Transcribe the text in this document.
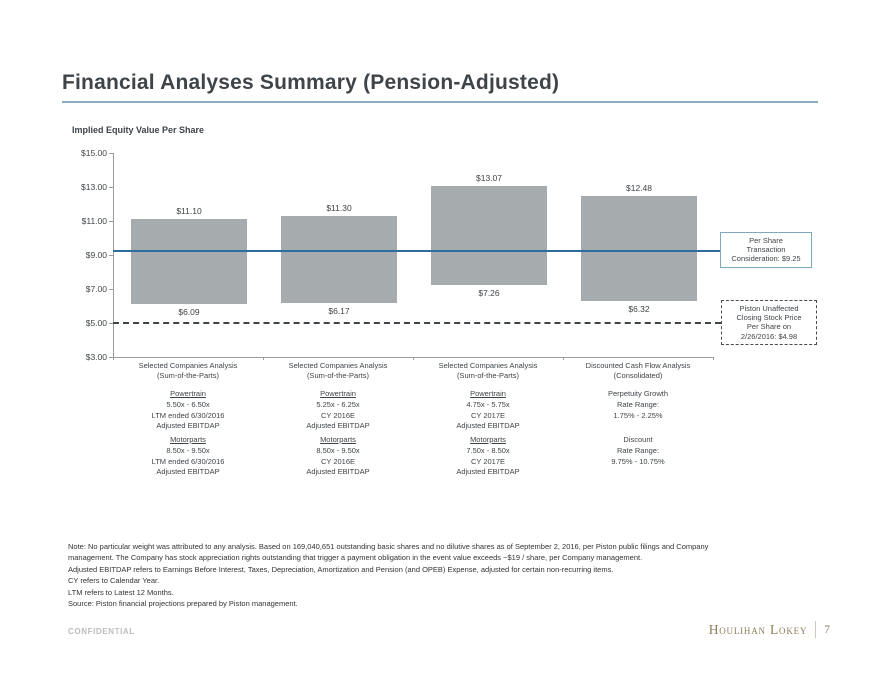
Financial Analyses Summary (Pension-Adjusted)
Implied Equity Value Per Share
$11.10
$6.09
$11.30
$6.17
$13.07
$7.26
$12.48
$6.32
Selected Companies Analysis
(Sum-of-the-Parts)
Powertrain
5.50x - 6.50x
LTM ended 6/30/2016
Adjusted EBITDAP
Motorparts
8.50x - 9.50x
LTM ended 6/30/2016
Adjusted EBITDAP
Selected Companies Analysis
(Sum-of-the-Parts)
Powertrain
5.25x - 6.25x
CY 2016E
Adjusted EBITDAP
Motorparts
8.50x - 9.50x
CY 2016E
Adjusted EBITDAP
Selected Companies Analysis
(Sum-of-the-Parts)
Powertrain
4.75x - 5.75x
CY 2017E
Adjusted EBITDAP
Motorparts
7.50x - 8.50x
CY 2017E
Adjusted EBITDAP
Discounted Cash Flow Analysis
(Consolidated)
Perpetuity Growth
Rate Range:
1.75% - 2.25%
Discount
Rate Range:
9.75% - 10.75%
Note: No particular weight was attributed to any analysis. Based on 169,040,651 outstanding basic shares and no dilutive shares as of September 2, 2016, per Piston public filings and Company
management. The Company has stock appreciation rights outstanding that trigger a payment obligation in the event value exceeds ~$19 / share, per Company management.
Adjusted EBITDAP refers to Earnings Before Interest, Taxes, Depreciation, Amortization and Pension (and OPEB) Expense, adjusted for certain non-recurring items.
CY refers to Calendar Year.
LTM refers to Latest 12 Months.
Source: Piston financial projections prepared by Piston management.
CONFIDENTIAL	Houlihan Lokey 7
$15.00
$13.00
$11.00
$9.00
$7.00
$5.00
$3.00
Per Share
Transaction
Consideration: $9.25
Piston Unaffected
Closing Stock Price
Per Share on
2/26/2016: $4.98
